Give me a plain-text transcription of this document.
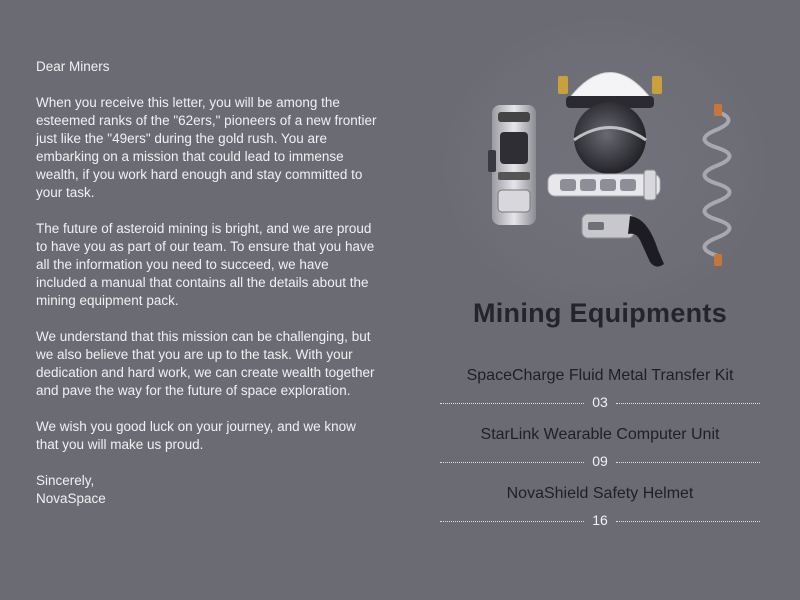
Dear Miners

When you receive this letter, you will be among the esteemed ranks of the "62ers," pioneers of a new frontier just like the "49ers" during the gold rush. You are embarking on a mission that could lead to immense wealth, if you work hard enough and stay committed to your task.

The future of asteroid mining is bright, and we are proud to have you as part of our team. To ensure that you have all the information you need to succeed, we have included a manual that contains all the details about the mining equipment pack.

We understand that this mission can be challenging, but we also believe that you are up to the task. With your dedication and hard work, we can create wealth together and pave the way for the future of space exploration.

We wish you good luck on your journey, and we know that you will make us proud.

Sincerely,

NovaSpace

Mining Equipments
SpaceCharge Fluid Metal Transfer Kit
03
StarLink Wearable Computer Unit
09
NovaShield Safety Helmet
16
